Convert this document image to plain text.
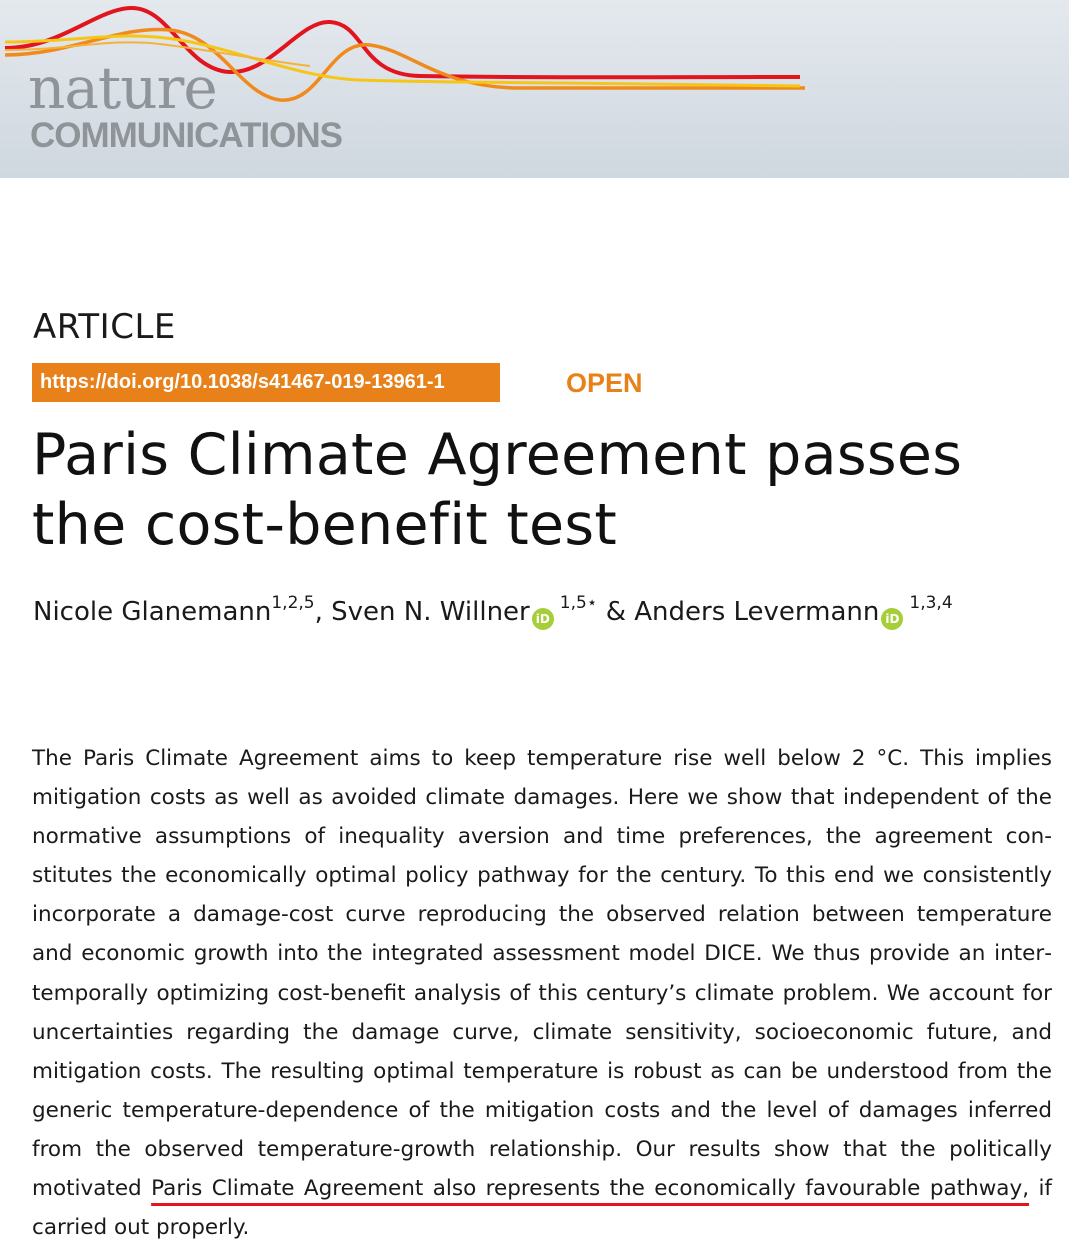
nature
COMMUNICATIONS
ARTICLE
https://doi.org/10.1038/s41467-019-13961-1	OPEN
Paris Climate Agreement passes the cost-benefit test
Nicole Glanemann$^{1,2,5}$, Sven N. Willner $iD^{1,5⋆}$ & Anders Levermann iD$^{1,3,4}$

The Paris Climate Agreement aims to keep temperature rise well below 2 °C. This implies mitigation costs as well as avoided climate damages. Here we show that independent of the normative assumptions of inequality aversion and time preferences, the agreement constitutes the economically optimal policy pathway for the century. To this end we consistently incorporate a damage-cost curve reproducing the observed relation between temperature and economic growth into the integrated assessment model DICE. We thus provide an intertemporally optimizing cost-benefit analysis of this century’s climate problem. We account for uncertainties regarding the damage curve, climate sensitivity, socioeconomic future, and mitigation costs. The resulting optimal temperature is robust as can be understood from the generic temperature-dependence of the mitigation costs and the level of damages inferred from the observed temperature-growth relationship. Our results show that the politically motivated Paris Climate Agreement also represents the economically favourable pathway, if carried out properly.
